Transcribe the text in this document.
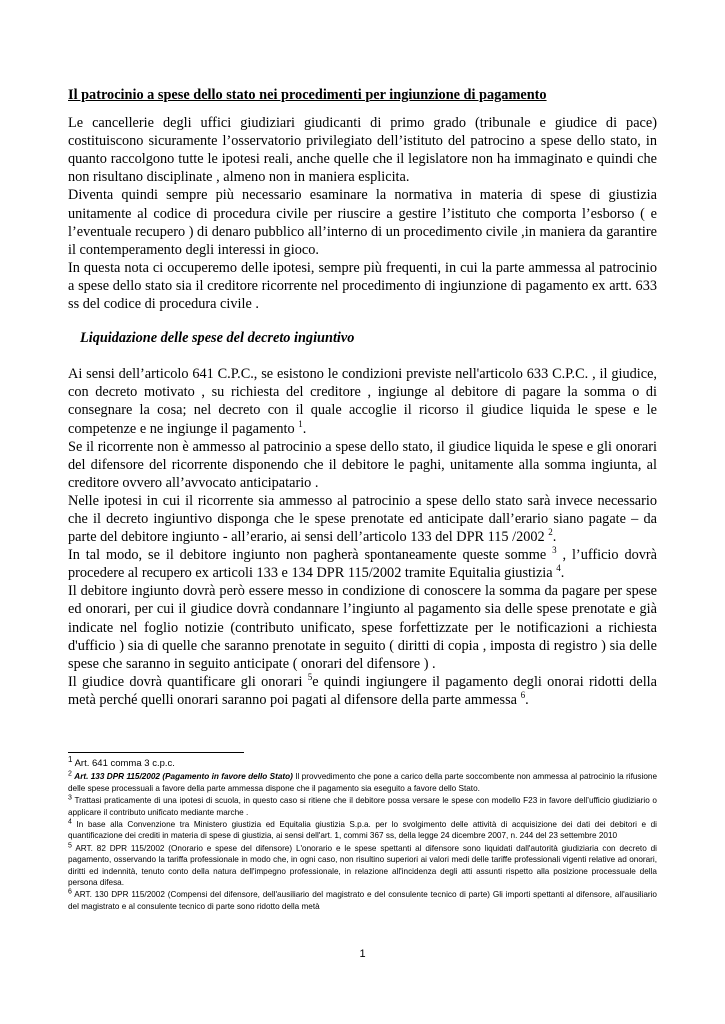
Il patrocinio a spese dello stato nei procedimenti per ingiunzione di pagamento

Le cancellerie degli uffici giudiziari giudicanti di primo grado (tribunale e giudice di pace) costituiscono sicuramente l’osservatorio privilegiato dell’istituto del patrocino a spese dello stato, in quanto raccolgono tutte le ipotesi reali, anche quelle che il legislatore non ha immaginato e quindi che non risultano disciplinate , almeno non in maniera esplicita.

Diventa quindi sempre più necessario esaminare la normativa in materia di spese di giustizia unitamente al codice di procedura civile per riuscire a gestire l’istituto che comporta l’esborso ( e l’eventuale recupero ) di denaro pubblico all’interno di un procedimento civile ,in maniera da garantire il contemperamento degli interessi in gioco.

In questa nota ci occuperemo delle ipotesi, sempre più frequenti, in cui la parte ammessa al patrocinio a spese dello stato sia il creditore ricorrente nel procedimento di ingiunzione di pagamento ex artt. 633 ss del codice di procedura civile .

Liquidazione delle spese del decreto ingiuntivo

Ai sensi dell’articolo 641 C.P.C., se esistono le condizioni previste nell'articolo 633 C.P.C. , il giudice, con decreto motivato , su richiesta del creditore , ingiunge al debitore di pagare la somma o di consegnare la cosa; nel decreto con il quale accoglie il ricorso il giudice liquida le spese e le competenze e ne ingiunge il pagamento $^1$.

Se il ricorrente non è ammesso al patrocinio a spese dello stato, il giudice liquida le spese e gli onorari del difensore del ricorrente disponendo che il debitore le paghi, unitamente alla somma ingiunta, al creditore ovvero all’avvocato anticipatario .

Nelle ipotesi in cui il ricorrente sia ammesso al patrocinio a spese dello stato sarà invece necessario che il decreto ingiuntivo disponga che le spese prenotate ed anticipate dall’erario siano pagate – da parte del debitore ingiunto - all’erario, ai sensi dell’articolo 133 del DPR 115 /2002 $^2$.

In tal modo, se il debitore ingiunto non pagherà spontaneamente queste somme $^3$ , l’ufficio dovrà procedere al recupero ex articoli 133 e 134 DPR 115/2002 tramite Equitalia giustizia $^4$.

Il debitore ingiunto dovrà però essere messo in condizione di conoscere la somma da pagare per spese ed onorari, per cui il giudice dovrà condannare l’ingiunto al pagamento sia delle spese prenotate e già indicate nel foglio notizie (contributo unificato, spese forfettizzate per le notificazioni a richiesta d'ufficio ) sia di quelle che saranno prenotate in seguito ( diritti di copia , imposta di registro ) sia delle spese che saranno in seguito anticipate ( onorari del difensore ) .

Il giudice dovrà quantificare gli onorari $^5$e quindi ingiungere il pagamento degli onorai ridotti della metà perché quelli onorari saranno poi pagati al difensore della parte ammessa $^6$.

$^1$ Art. 641 comma 3 c.p.c.

2 Art. 133 DPR 115/2002 (Pagamento in favore dello Stato) Il provvedimento che pone a carico della parte soccombente non ammessa al patrocinio la rifusione delle spese processuali a favore della parte ammessa dispone che il pagamento sia eseguito a favore dello Stato.

3 Trattasi praticamente di una ipotesi di scuola, in questo caso si ritiene che il debitore possa versare le spese con modello F23 in favore dell’ufficio giudiziario o applicare il contributo unificato mediante marche .

4 In base alla Convenzione tra Ministero giustizia ed Equitalia giustizia S.p.a. per lo svolgimento delle attività di acquisizione dei dati dei debitori e di quantificazione dei crediti in materia di spese di giustizia, ai sensi dell'art. 1, commi 367 ss, della legge 24 dicembre 2007, n. 244 del 23 settembre 2010

5 ART. 82 DPR 115/2002 (Onorario e spese del difensore) L'onorario e le spese spettanti al difensore sono liquidati dall'autorità giudiziaria con decreto di pagamento, osservando la tariffa professionale in modo che, in ogni caso, non risultino superiori ai valori medi delle tariffe professionali vigenti relative ad onorari, diritti ed indennità, tenuto conto della natura dell'impegno professionale, in relazione all'incidenza degli atti assunti rispetto alla posizione processuale della persona difesa.

6 ART. 130 DPR 115/2002 (Compensi del difensore, dell'ausiliario del magistrato e del consulente tecnico di parte) Gli importi spettanti al difensore, all'ausiliario del magistrato e al consulente tecnico di parte sono ridotto della metà

1
